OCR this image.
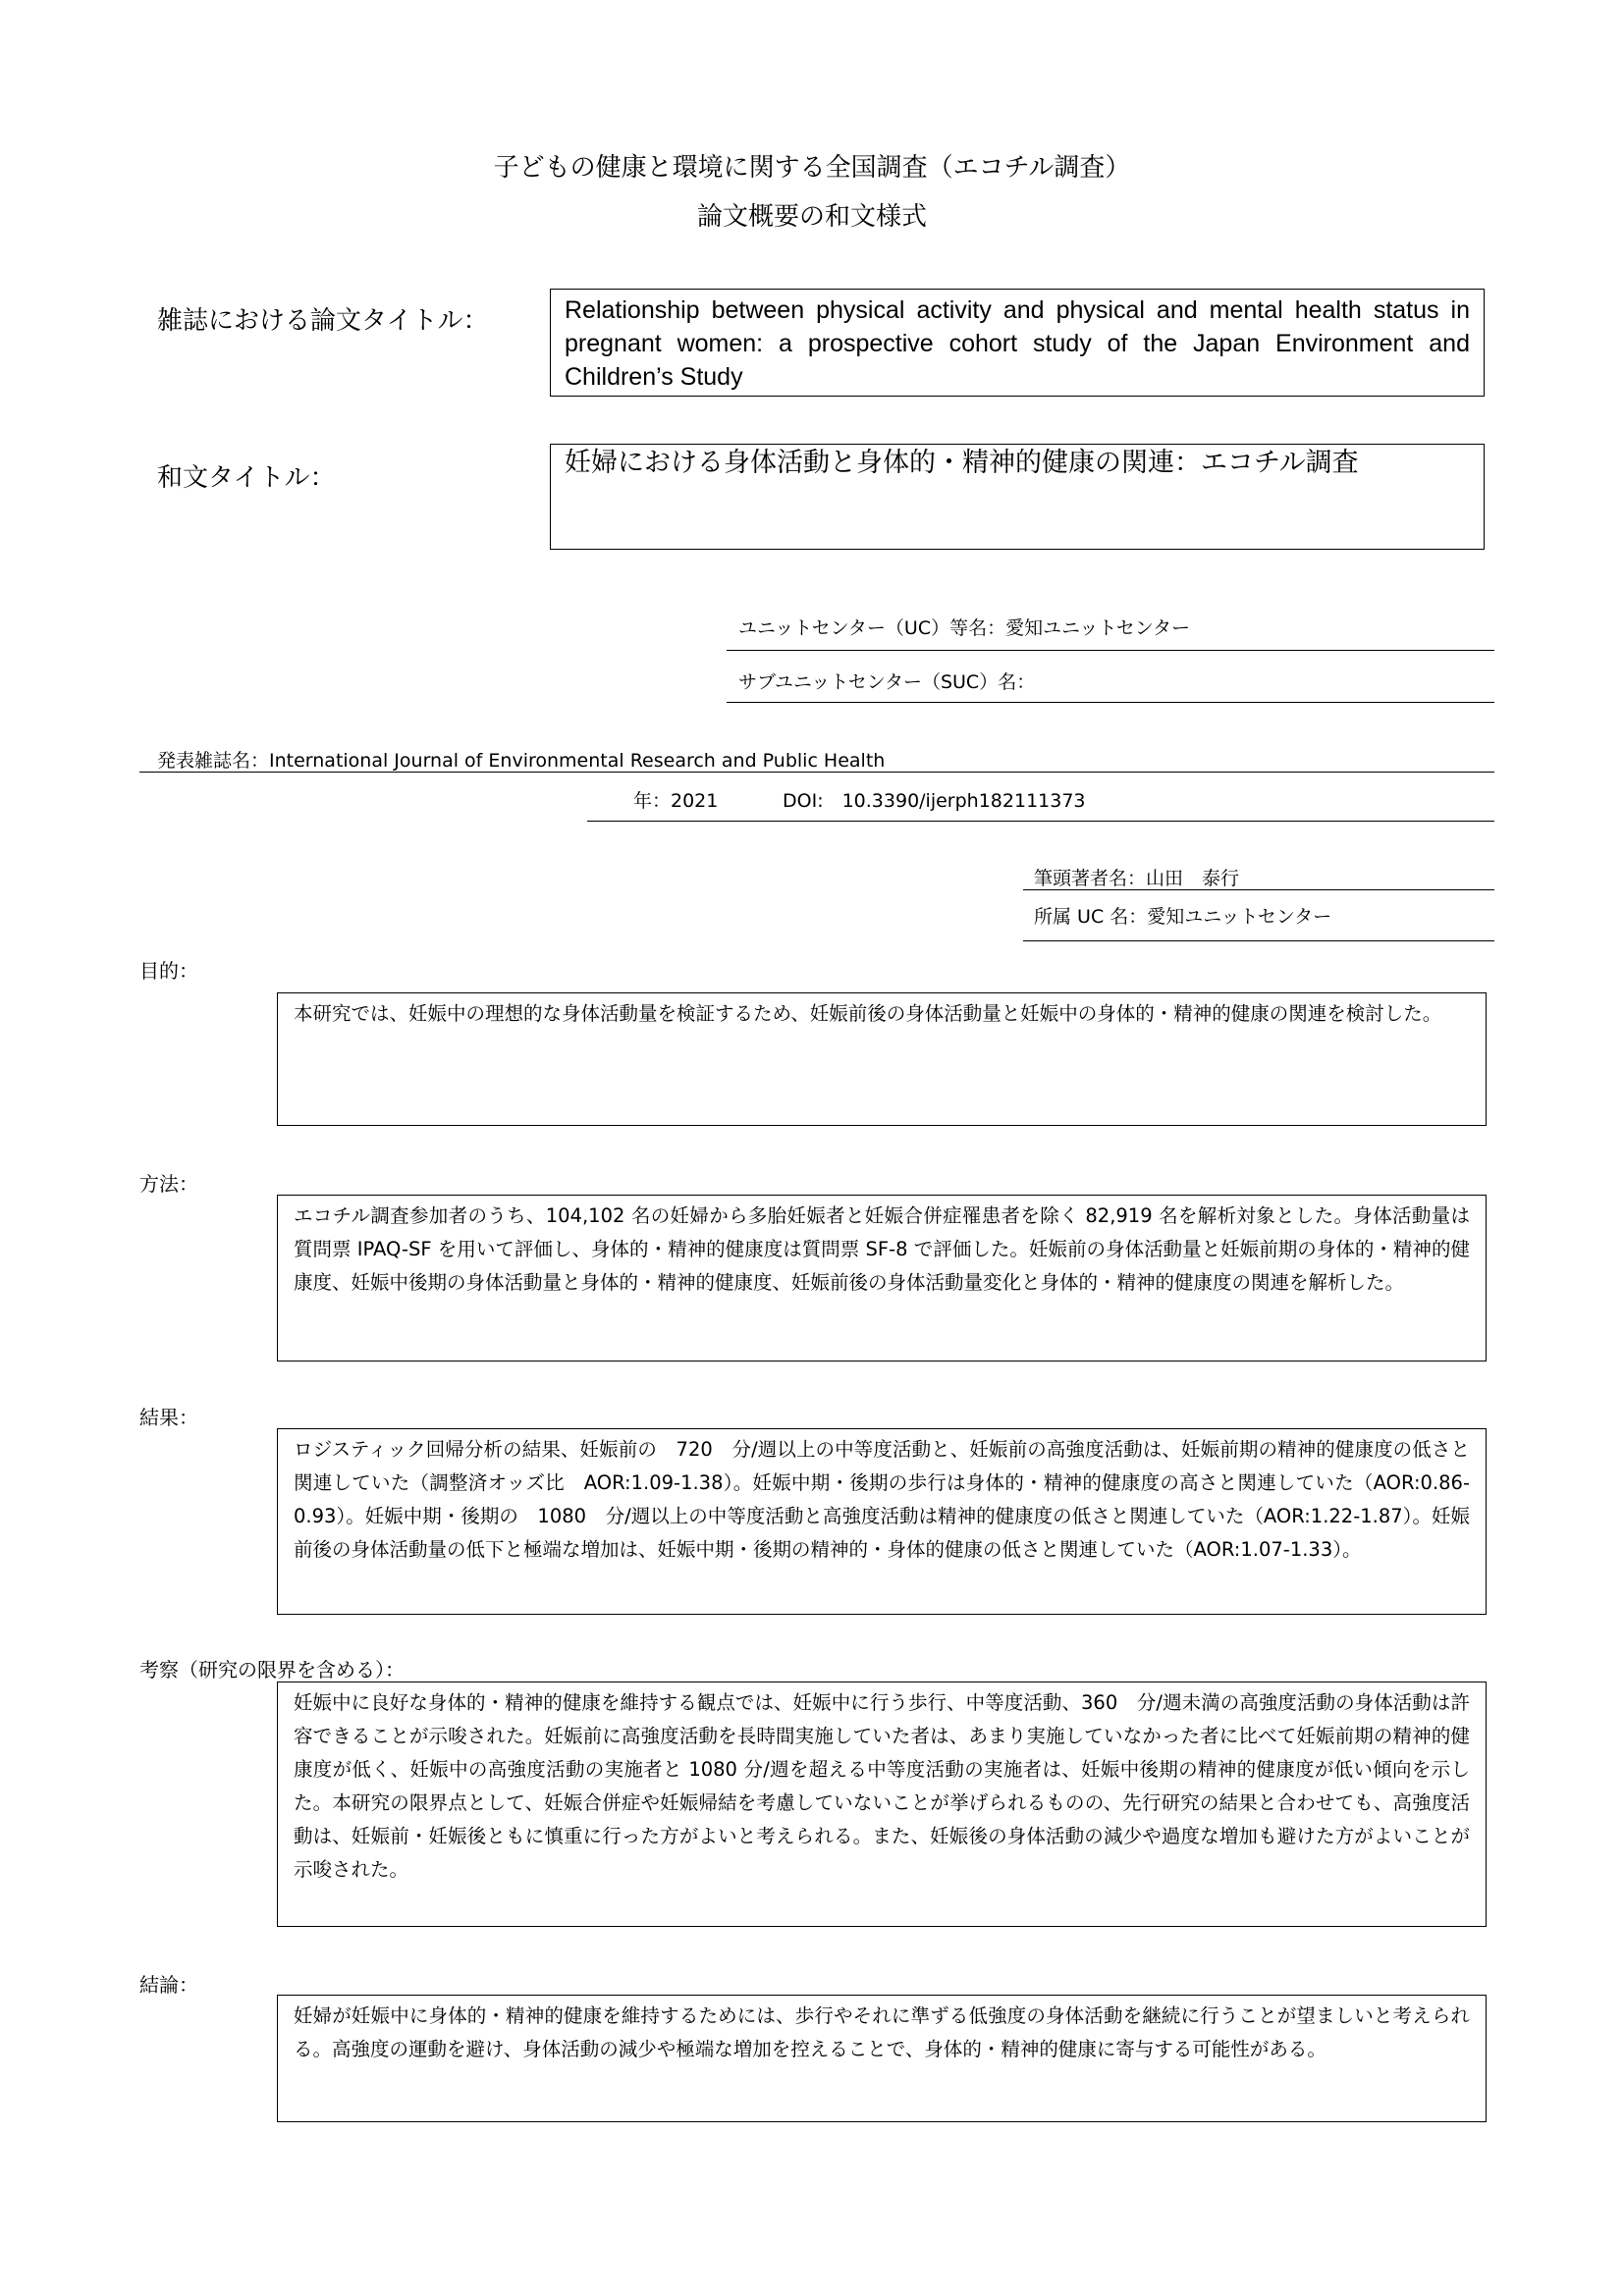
子どもの健康と環境に関する全国調査（エコチル調査）
論文概要の和文様式
雑誌における論文タイトル：	Relationship between physical activity and physical and mental health status in pregnant women: a prospective cohort study of the Japan Environment and Children’s Study
和文タイトル：	妊婦における身体活動と身体的・精神的健康の関連：エコチル調査
ユニットセンター（UC）等名：愛知ユニットセンター
サブユニットセンター（SUC）名：
発表雑誌名：International Journal of Environmental Research and Public Health
年：2021	DOI:　10.3390/ijerph182111373
筆頭著者名：山田　泰行
所属 UC 名：愛知ユニットセンター
目的：
本研究では、妊娠中の理想的な身体活動量を検証するため、妊娠前後の身体活動量と妊娠中の身体的・精神的健康の関連を検討した。
方法：
エコチル調査参加者のうち、104,102 名の妊婦から多胎妊娠者と妊娠合併症罹患者を除く 82,919 名を解析対象とした。身体活動量は質問票 IPAQ-SF を用いて評価し、身体的・精神的健康度は質問票 SF-8 で評価した。妊娠前の身体活動量と妊娠前期の身体的・精神的健康度、妊娠中後期の身体活動量と身体的・精神的健康度、妊娠前後の身体活動量変化と身体的・精神的健康度の関連を解析した。
結果：
ロジスティック回帰分析の結果、妊娠前の　720　分/週以上の中等度活動と、妊娠前の高強度活動は、妊娠前期の精神的健康度の低さと関連していた（調整済オッズ比　AOR:1.09-1.38）。妊娠中期・後期の歩行は身体的・精神的健康度の高さと関連していた（AOR:0.86-0.93）。妊娠中期・後期の　1080　分/週以上の中等度活動と高強度活動は精神的健康度の低さと関連していた（AOR:1.22-1.87）。妊娠前後の身体活動量の低下と極端な増加は、妊娠中期・後期の精神的・身体的健康の低さと関連していた（AOR:1.07-1.33）。
考察（研究の限界を含める）：
妊娠中に良好な身体的・精神的健康を維持する観点では、妊娠中に行う歩行、中等度活動、360　分/週未満の高強度活動の身体活動は許容できることが示唆された。妊娠前に高強度活動を長時間実施していた者は、あまり実施していなかった者に比べて妊娠前期の精神的健康度が低く、妊娠中の高強度活動の実施者と 1080 分/週を超える中等度活動の実施者は、妊娠中後期の精神的健康度が低い傾向を示した。本研究の限界点として、妊娠合併症や妊娠帰結を考慮していないことが挙げられるものの、先行研究の結果と合わせても、高強度活動は、妊娠前・妊娠後ともに慎重に行った方がよいと考えられる。また、妊娠後の身体活動の減少や過度な増加も避けた方がよいことが示唆された。
結論：
妊婦が妊娠中に身体的・精神的健康を維持するためには、歩行やそれに準ずる低強度の身体活動を継続に行うことが望ましいと考えられる。高強度の運動を避け、身体活動の減少や極端な増加を控えることで、身体的・精神的健康に寄与する可能性がある。
